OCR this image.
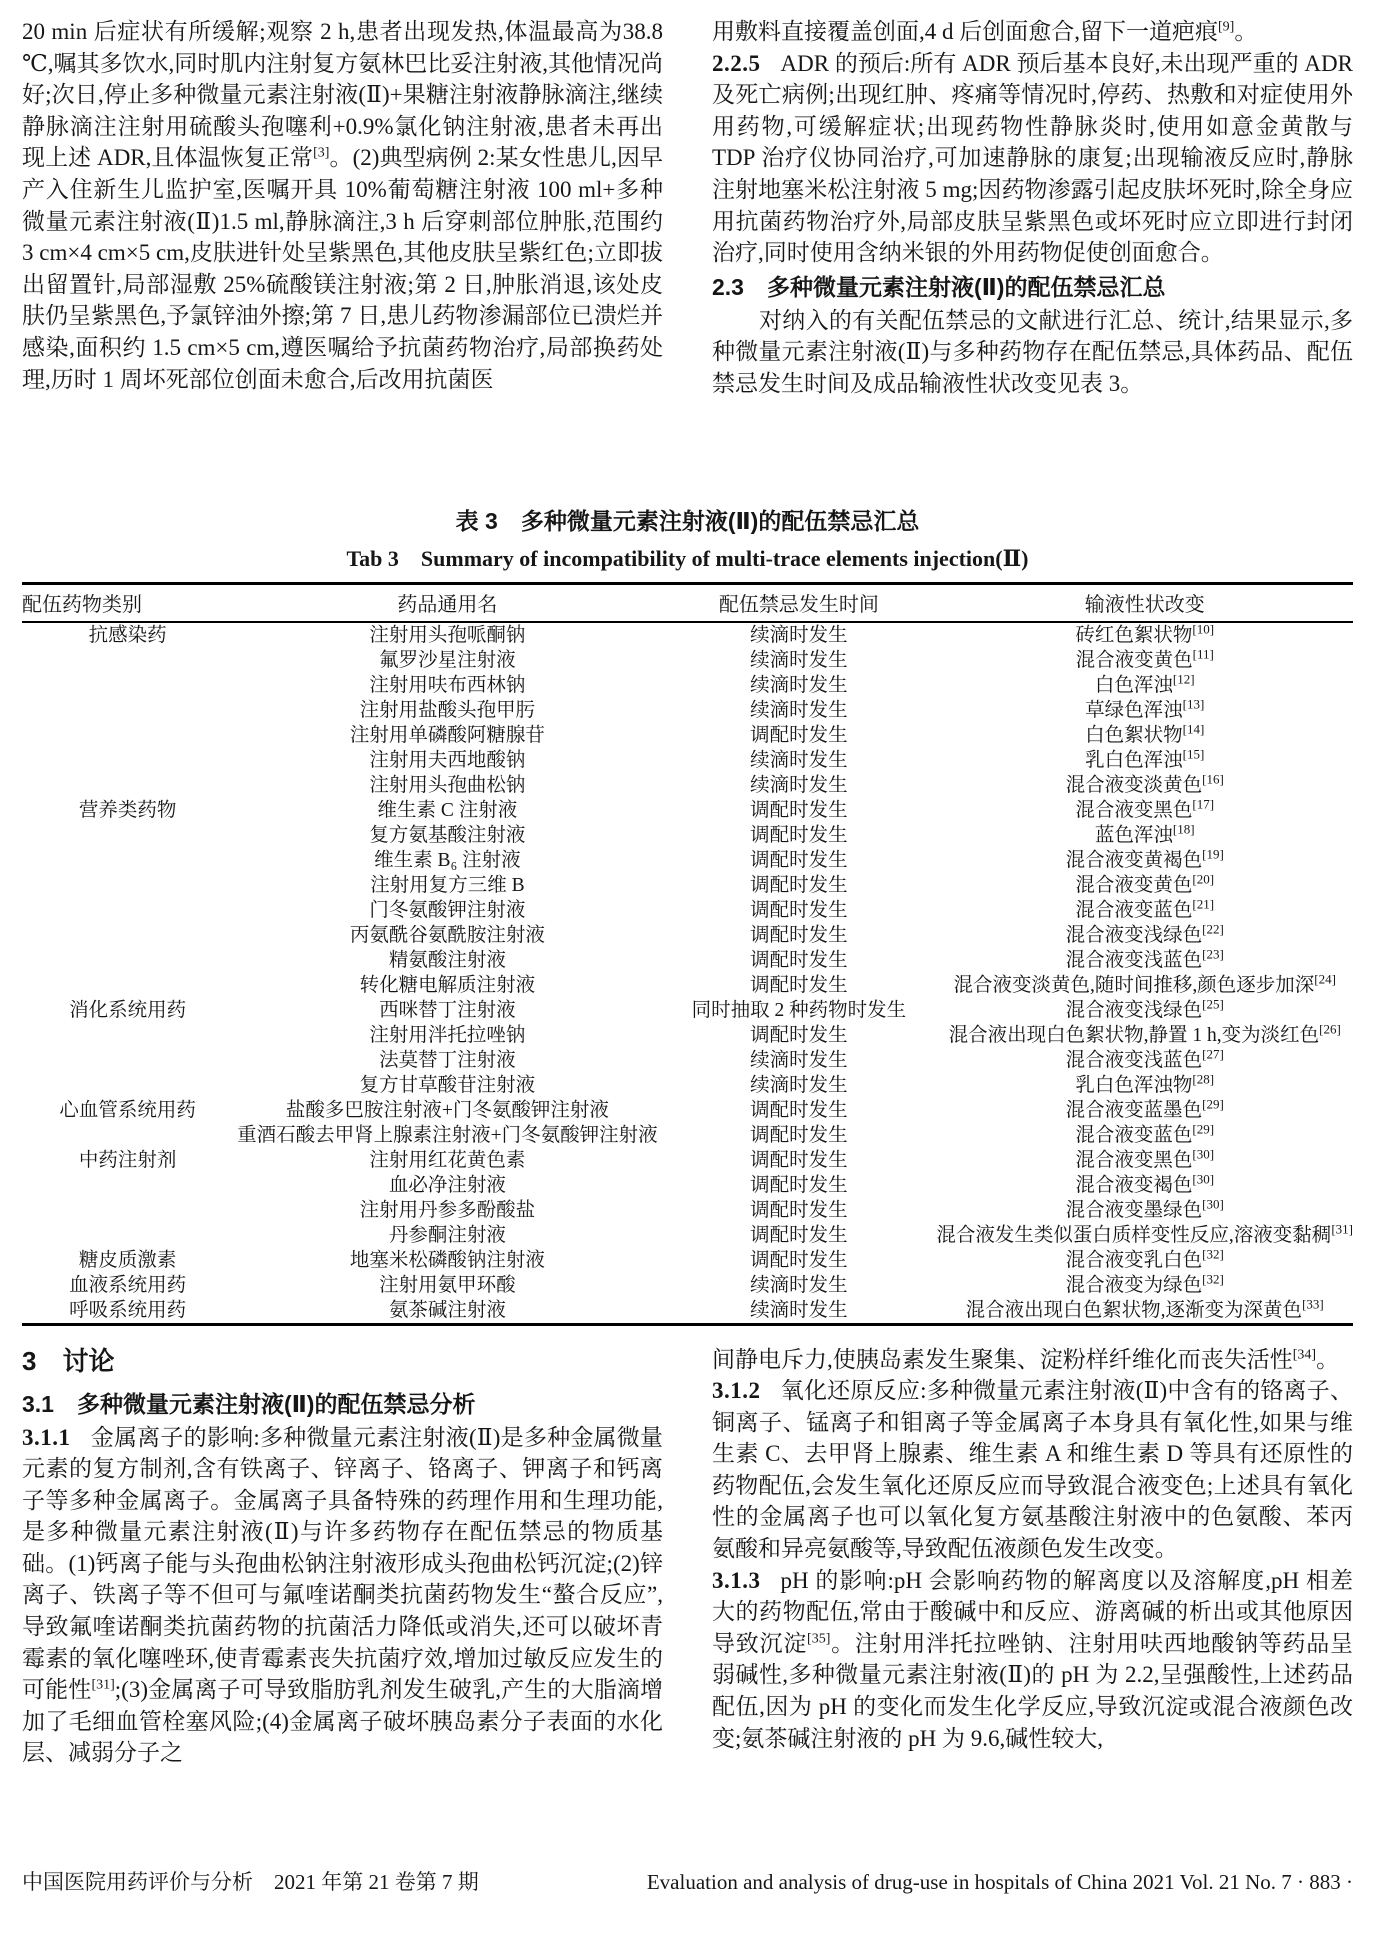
20 min 后症状有所缓解;观察 2 h,患者出现发热,体温最高为38.8 ℃,嘱其多饮水,同时肌内注射复方氨林巴比妥注射液,其他情况尚好;次日,停止多种微量元素注射液(Ⅱ)+果糖注射液静脉滴注,继续静脉滴注注射用硫酸头孢噻利+0.9%氯化钠注射液,患者未再出现上述 ADR,且体温恢复正常[3]。(2)典型病例 2:某女性患儿,因早产入住新生儿监护室,医嘱开具 10%葡萄糖注射液 100 ml+多种微量元素注射液(Ⅱ)1.5 ml,静脉滴注,3 h 后穿刺部位肿胀,范围约 3 cm×4 cm×5 cm,皮肤进针处呈紫黑色,其他皮肤呈紫红色;立即拔出留置针,局部湿敷 25%硫酸镁注射液;第 2 日,肿胀消退,该处皮肤仍呈紫黑色,予氯锌油外擦;第 7 日,患儿药物渗漏部位已溃烂并感染,面积约 1.5 cm×5 cm,遵医嘱给予抗菌药物治疗,局部换药处理,历时 1 周坏死部位创面未愈合,后改用抗菌医
用敷料直接覆盖创面,4 d 后创面愈合,留下一道疤痕[9]。
2.2.5 ADR 的预后:所有 ADR 预后基本良好,未出现严重的 ADR 及死亡病例;出现红肿、疼痛等情况时,停药、热敷和对症使用外用药物,可缓解症状;出现药物性静脉炎时,使用如意金黄散与 TDP 治疗仪协同治疗,可加速静脉的康复;出现输液反应时,静脉注射地塞米松注射液 5 mg;因药物渗露引起皮肤坏死时,除全身应用抗菌药物治疗外,局部皮肤呈紫黑色或坏死时应立即进行封闭治疗,同时使用含纳米银的外用药物促使创面愈合。
2.3　多种微量元素注射液(Ⅱ)的配伍禁忌汇总
对纳入的有关配伍禁忌的文献进行汇总、统计,结果显示,多种微量元素注射液(Ⅱ)与多种药物存在配伍禁忌,具体药品、配伍禁忌发生时间及成品输液性状改变见表 3。
表 3　多种微量元素注射液(Ⅱ)的配伍禁忌汇总
Tab 3　Summary of incompatibility of multi-trace elements injection(Ⅱ)
配伍药物类别	药品通用名	配伍禁忌发生时间	输液性状改变
抗感染药	注射用头孢哌酮钠	续滴时发生	砖红色絮状物[10]
	氟罗沙星注射液	续滴时发生	混合液变黄色[11]
	注射用呋布西林钠	续滴时发生	白色浑浊[12]
	注射用盐酸头孢甲肟	续滴时发生	草绿色浑浊[13]
	注射用单磷酸阿糖腺苷	调配时发生	白色絮状物[14]
	注射用夫西地酸钠	续滴时发生	乳白色浑浊[15]
	注射用头孢曲松钠	续滴时发生	混合液变淡黄色[16]
营养类药物	维生素 C 注射液	调配时发生	混合液变黑色[17]
	复方氨基酸注射液	调配时发生	蓝色浑浊[18]
	维生素 B₆ 注射液	调配时发生	混合液变黄褐色[19]
	注射用复方三维 B	调配时发生	混合液变黄色[20]
	门冬氨酸钾注射液	调配时发生	混合液变蓝色[21]
	丙氨酰谷氨酰胺注射液	调配时发生	混合液变浅绿色[22]
	精氨酸注射液	调配时发生	混合液变浅蓝色[23]
	转化糖电解质注射液	调配时发生	混合液变淡黄色,随时间推移,颜色逐步加深[24]
消化系统用药	西咪替丁注射液	同时抽取 2 种药物时发生	混合液变浅绿色[25]
	注射用泮托拉唑钠	调配时发生	混合液出现白色絮状物,静置 1 h,变为淡红色[26]
	法莫替丁注射液	续滴时发生	混合液变浅蓝色[27]
	复方甘草酸苷注射液	续滴时发生	乳白色浑浊物[28]
心血管系统用药	盐酸多巴胺注射液+门冬氨酸钾注射液	调配时发生	混合液变蓝墨色[29]
	重酒石酸去甲肾上腺素注射液+门冬氨酸钾注射液	调配时发生	混合液变蓝色[29]
中药注射剂	注射用红花黄色素	调配时发生	混合液变黑色[30]
	血必净注射液	调配时发生	混合液变褐色[30]
	注射用丹参多酚酸盐	调配时发生	混合液变墨绿色[30]
	丹参酮注射液	调配时发生	混合液发生类似蛋白质样变性反应,溶液变黏稠[31]
糖皮质激素	地塞米松磷酸钠注射液	调配时发生	混合液变乳白色[32]
血液系统用药	注射用氨甲环酸	续滴时发生	混合液变为绿色[32]
呼吸系统用药	氨茶碱注射液	续滴时发生	混合液出现白色絮状物,逐渐变为深黄色[33]
3　讨论
3.1　多种微量元素注射液(Ⅱ)的配伍禁忌分析
3.1.1 金属离子的影响:多种微量元素注射液(Ⅱ)是多种金属微量元素的复方制剂,含有铁离子、锌离子、铬离子、钾离子和钙离子等多种金属离子。金属离子具备特殊的药理作用和生理功能,是多种微量元素注射液(Ⅱ)与许多药物存在配伍禁忌的物质基础。(1)钙离子能与头孢曲松钠注射液形成头孢曲松钙沉淀;(2)锌离子、铁离子等不但可与氟喹诺酮类抗菌药物发生“螯合反应”,导致氟喹诺酮类抗菌药物的抗菌活力降低或消失,还可以破坏青霉素的氧化噻唑环,使青霉素丧失抗菌疗效,增加过敏反应发生的可能性[31];(3)金属离子可导致脂肪乳剂发生破乳,产生的大脂滴增加了毛细血管栓塞风险;(4)金属离子破坏胰岛素分子表面的水化层、减弱分子之
间静电斥力,使胰岛素发生聚集、淀粉样纤维化而丧失活性[34]。
3.1.2 氧化还原反应:多种微量元素注射液(Ⅱ)中含有的铬离子、铜离子、锰离子和钼离子等金属离子本身具有氧化性,如果与维生素 C、去甲肾上腺素、维生素 A 和维生素 D 等具有还原性的药物配伍,会发生氧化还原反应而导致混合液变色;上述具有氧化性的金属离子也可以氧化复方氨基酸注射液中的色氨酸、苯丙氨酸和异亮氨酸等,导致配伍液颜色发生改变。
3.1.3 pH 的影响:pH 会影响药物的解离度以及溶解度,pH 相差大的药物配伍,常由于酸碱中和反应、游离碱的析出或其他原因导致沉淀[35]。注射用泮托拉唑钠、注射用呋西地酸钠等药品呈弱碱性,多种微量元素注射液(Ⅱ)的 pH 为 2.2,呈强酸性,上述药品配伍,因为 pH 的变化而发生化学反应,导致沉淀或混合液颜色改变;氨茶碱注射液的 pH 为 9.6,碱性较大,
中国医院用药评价与分析　2021 年第 21 卷第 7 期	Evaluation and analysis of drug-use in hospitals of China 2021 Vol. 21 No. 7 · 883 ·
